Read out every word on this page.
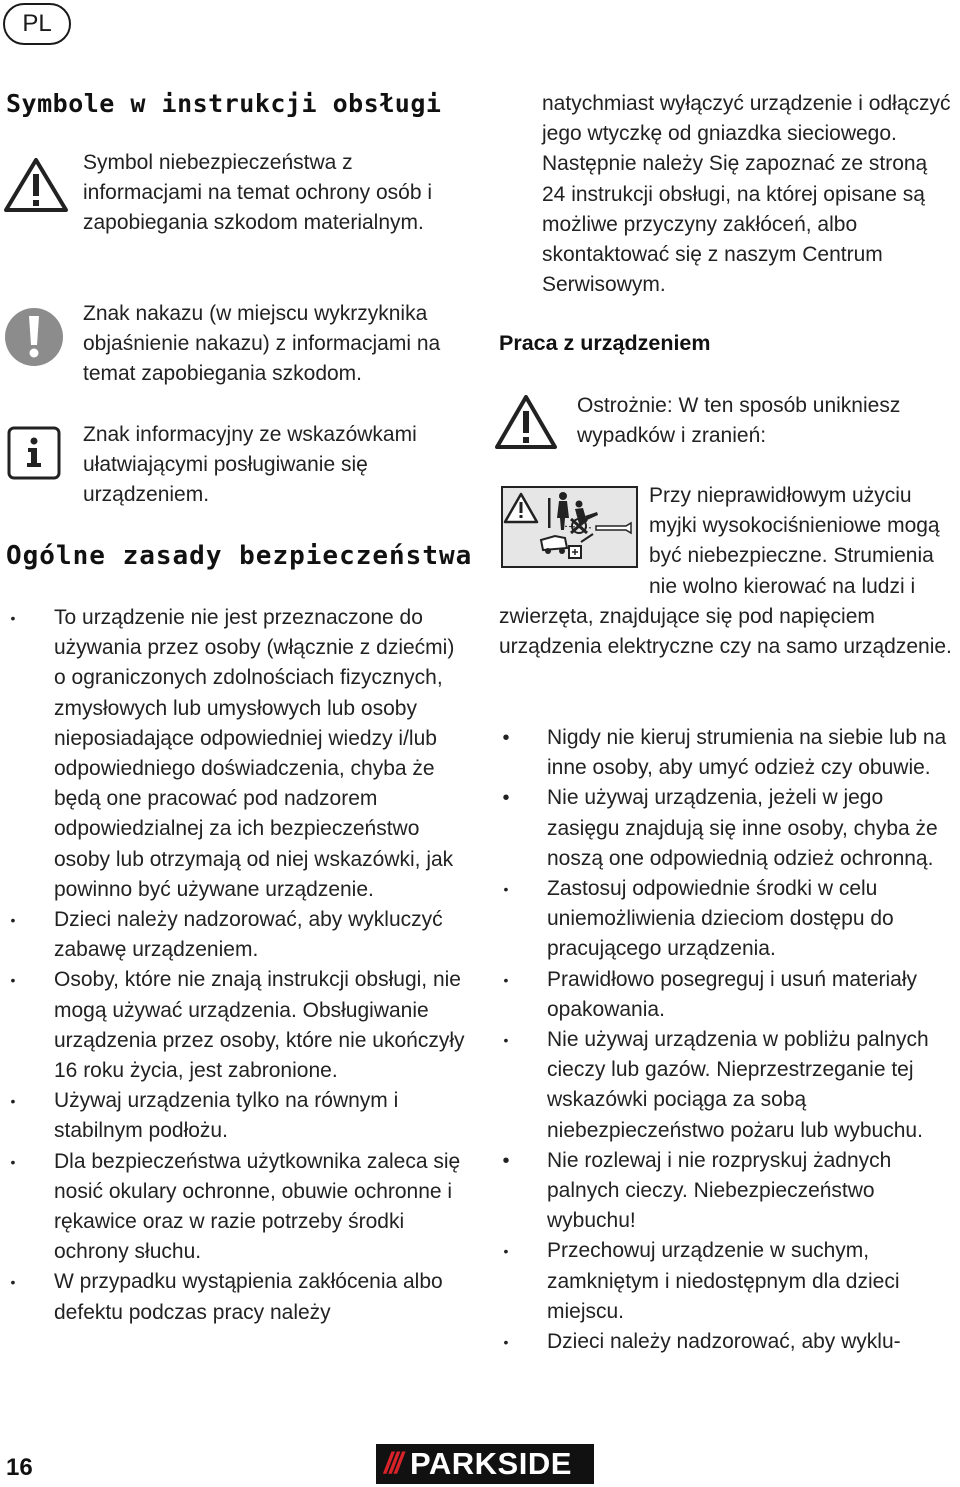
PL
Symbole w instrukcji obsługi
Symbol niebezpieczeństwa z informacjami na temat ochrony osób i zapobiegania szkodom materialnym.
Znak nakazu (w miejscu wykrzyknika objaśnienie nakazu) z informacjami na temat zapobiegania szkodom.
Znak informacyjny ze wskazówkami ułatwiającymi posługiwanie się urządzeniem.
Ogólne zasady bezpieczeństwa
• To urządzenie nie jest przeznaczone do używania przez osoby (włącznie z dziećmi) o ograniczonych zdolnościach fizycznych, zmysłowych lub umysłowych lub osoby nieposiadające odpowiedniej wiedzy i/lub odpowiedniego doświadczenia, chyba że będą one pracować pod nadzorem odpowiedzialnej za ich bezpieczeństwo osoby lub otrzymają od niej wskazówki, jak powinno być używane urządzenie.
• Dzieci należy nadzorować, aby wykluczyć zabawę urządzeniem.
• Osoby, które nie znają instrukcji obsługi, nie mogą używać urządzenia. Obsługiwanie urządzenia przez osoby, które nie ukończyły 16 roku życia, jest zabronione.
• Używaj urządzenia tylko na równym i stabilnym podłożu.
• Dla bezpieczeństwa użytkownika zaleca się nosić okulary ochronne, obuwie ochronne i rękawice oraz w razie potrzeby środki ochrony słuchu.
• W przypadku wystąpienia zakłócenia albo defektu podczas pracy należy
natychmiast wyłączyć urządzenie i odłączyć jego wtyczkę od gniazdka sieciowego. Następnie należy Się zapoznać ze stroną 24 instrukcji obsługi, na której opisane są możliwe przyczyny zakłóceń, albo skontaktować się z naszym Centrum Serwisowym.
Praca z urządzeniem
Ostrożnie: W ten sposób unikniesz wypadków i zranień:
Przy nieprawidłowym użyciu myjki wysokociśnieniowe mogą być niebezpieczne. Strumienia nie wolno kierować na ludzi i zwierzęta, znajdujące się pod napięciem urządzenia elektryczne czy na samo urządzenie.
• Nigdy nie kieruj strumienia na siebie lub na inne osoby, aby umyć odzież czy obuwie.
• Nie używaj urządzenia, jeżeli w jego zasięgu znajdują się inne osoby, chyba że noszą one odpowiednią odzież ochronną.
• Zastosuj odpowiednie środki w celu uniemożliwienia dzieciom dostępu do pracującego urządzenia.
• Prawidłowo posegreguj i usuń materiały opakowania.
• Nie używaj urządzenia w pobliżu palnych cieczy lub gazów. Nieprzestrzeganie tej wskazówki pociąga za sobą niebezpieczeństwo pożaru lub wybuchu.
• Nie rozlewaj i nie rozpryskuj żadnych palnych cieczy. Niebezpieczeństwo wybuchu!
• Przechowuj urządzenie w suchym, zamkniętym i niedostępnym dla dzieci miejscu.
• Dzieci należy nadzorować, aby wyklu-
16	/// PARKSIDE
